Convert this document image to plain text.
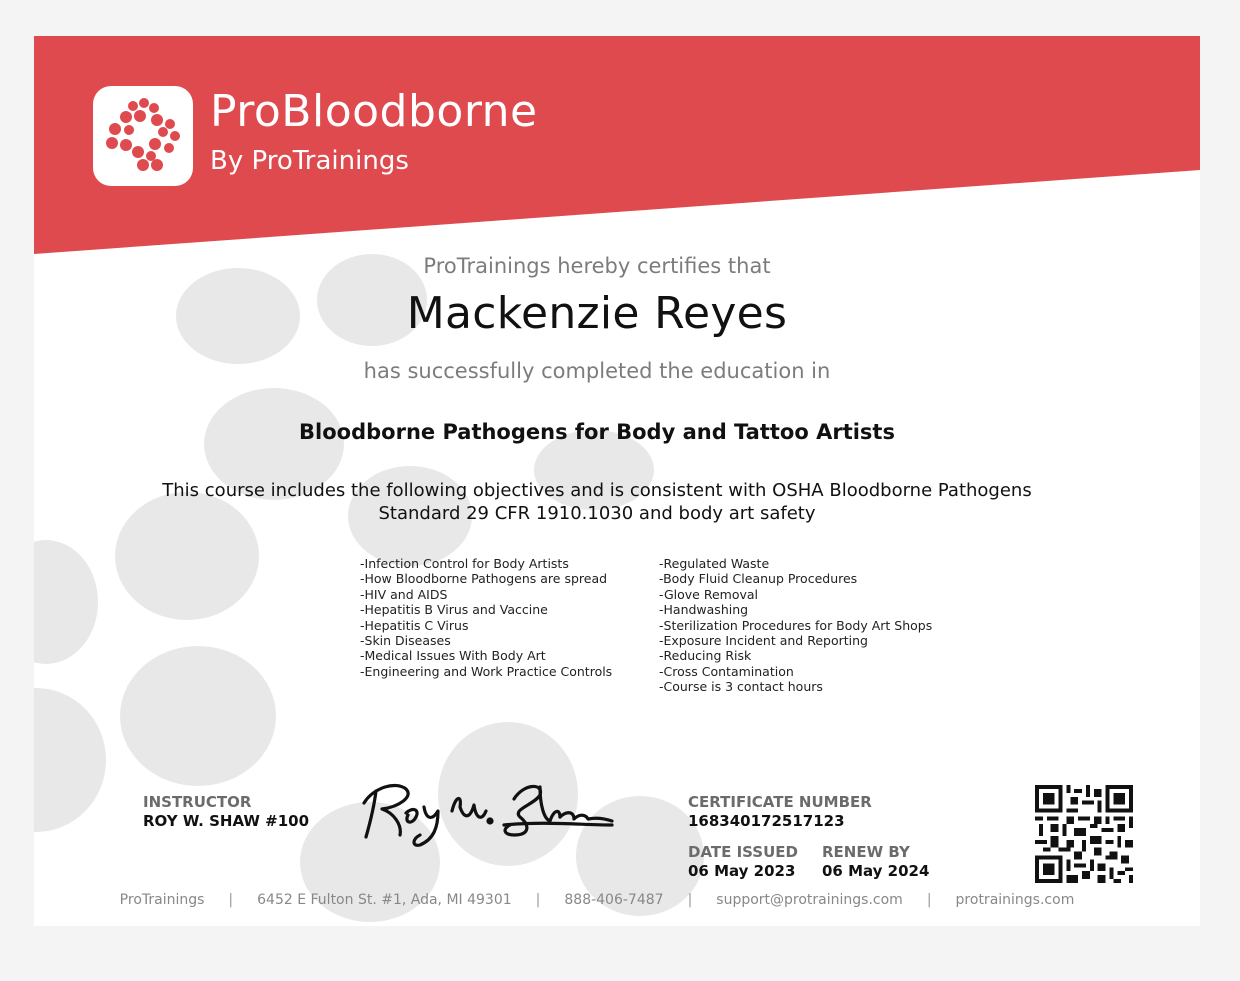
ProBloodborne
By ProTrainings
ProTrainings hereby certifies that
Mackenzie Reyes
has successfully completed the education in
Bloodborne Pathogens for Body and Tattoo Artists
This course includes the following objectives and is consistent with OSHA Bloodborne Pathogens Standard 29 CFR 1910.1030 and body art safety
-Infection Control for Body Artists
-How Bloodborne Pathogens are spread
-HIV and AIDS
-Hepatitis B Virus and Vaccine
-Hepatitis C Virus
-Skin Diseases
-Medical Issues With Body Art
-Engineering and Work Practice Controls
-Regulated Waste
-Body Fluid Cleanup Procedures
-Glove Removal
-Handwashing
-Sterilization Procedures for Body Art Shops
-Exposure Incident and Reporting
-Reducing Risk
-Cross Contamination
-Course is 3 contact hours
INSTRUCTOR
ROY W. SHAW #100
CERTIFICATE NUMBER
168340172517123
DATE ISSUED
06 May 2023
RENEW BY
06 May 2024
ProTrainings | 6452 E Fulton St. #1, Ada, MI 49301 | 888-406-7487 | support@protrainings.com | protrainings.com
